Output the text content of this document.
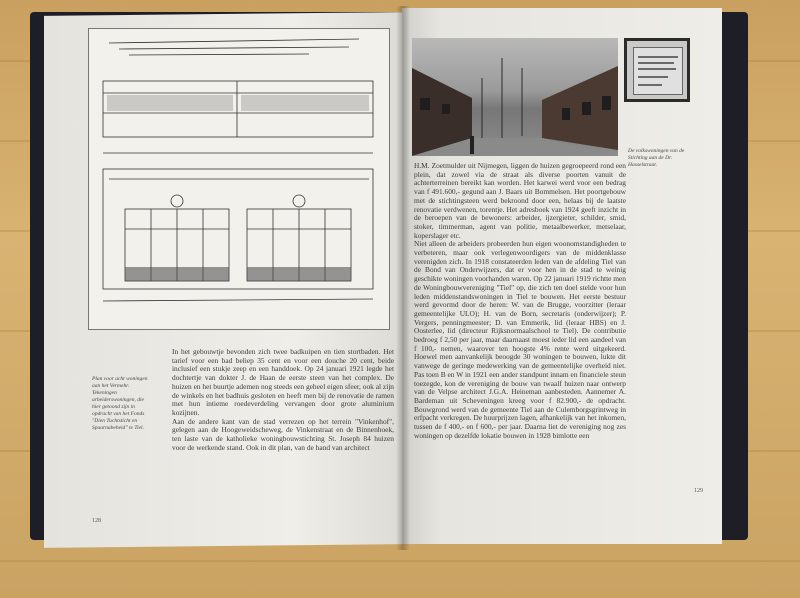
Plan voor acht woningen aan het Vermehr. Tekeningen arbeiderswoningen, die hier getoond zijn in opdracht van het Fonds "Dien Tuchtsticht en Spaarnabeheid" te Tiel.
In het gebouwtje bevonden zich twee badkuipen en tien stortbaden. Het tarief voor een bad beliep 35 cent en voor een douche 20 cent, beide inclusief een stukje zeep en een handdoek. Op 24 januari 1921 legde het dochtertje van dokter J. de Haan de eerste steen van het complex. De huizen en het buurtje ademen nog steeds een geheel eigen sfeer, ook al zijn de winkels en het badhuis gesloten en heeft men bij de renovatie de ramen met hun intieme roedeverdeling vervangen door grote aluminium kozijnen.
Aan de andere kant van de stad verrezen op het terrein "Vinkenhof", gelegen aan de Hoogeweidscheweg, de Vinkenstraat en de Binnenhoek, ten laste van de katholieke woningbouwstichting St. Joseph 84 huizen voor de werkende stand. Ook in dit plan, van de hand van architect
128
De volkswoningen van de Stichting aan de Dr. Hasselstraat.
H.M. Zoetmulder uit Nijmegen, liggen de huizen gegroepeerd rond een plein, dat zowel via de straat als diverse poorten vanuit de achterterreinen bereikt kan worden. Het karwei werd voor een bedrag van f 491.600,- gegund aan J. Baars uit Bommelsen. Het poortgebouw met de stichtingsteen werd bekroond door een, helaas bij de laatste renovatie verdwenen, torentje. Het adresboek van 1924 geeft inzicht in de beroepen van de bewoners: arbeider, ijzergieter, schilder, smid, stoker, timmerman, agent van politie, metaalbewerker, metselaar, koperslager etc.
Niet alleen de arbeiders probeerden hun eigen woonomstandigheden te verbeteren, maar ook verlegenwoordigers van de middenklasse verenigden zich. In 1918 constateerden leden van de afdeling Tiel van de Bond van Onderwijzers, dat er voor hen in de stad te weinig geschikte woningen voorhanden waren. Op 22 januari 1919 richtte men de Woningbouwvereniging "Tiel" op, die zich ten doel stelde voor hun leden middenstandswoningen in Tiel te bouwen. Het eerste bestuur werd gevormd door de heren: W. van de Brugge, voorzitter (leraar gemeentelijke ULO); H. van de Born, secretaris (onderwijzer); P. Vergers, penningmeester; D. van Emmerik, lid (leraar HBS) en J. Oosterlee, lid (directeur Rijksnormaalschool te Tiel). De contributie bedroeg f 2,50 per jaar, maar daarnaast moest ieder lid een aandeel van f 100,- nemen, waarover ten hoogste 4% rente werd uitgekeerd. Hoewel men aanvankelijk beoogde 30 woningen te bouwen, lukte dit vanwege de geringe medewerking van de gemeentelijke overheid niet. Pas toen B en W in 1921 een ander standpunt innam en financiele steun toezegde, kon de vereniging de bouw van twaalf huizen naar ontwerp van de Velpse architect J.G.A. Heineman aanbesteden. Aannemer A. Bardeman uit Scheveningen kreeg voor f 82.900,- de opdracht. Bouwgrond werd van de gemeente Tiel aan de Culemborgsgrintweg in erfpacht verkregen. De huurprijzen lagen, afhankelijk van het inkomen, tussen de f 400,- en f 600,- per jaar. Daarna liet de vereniging nog zes woningen op dezelfde lokatie bouwen in 1928 bimlotte een
129
